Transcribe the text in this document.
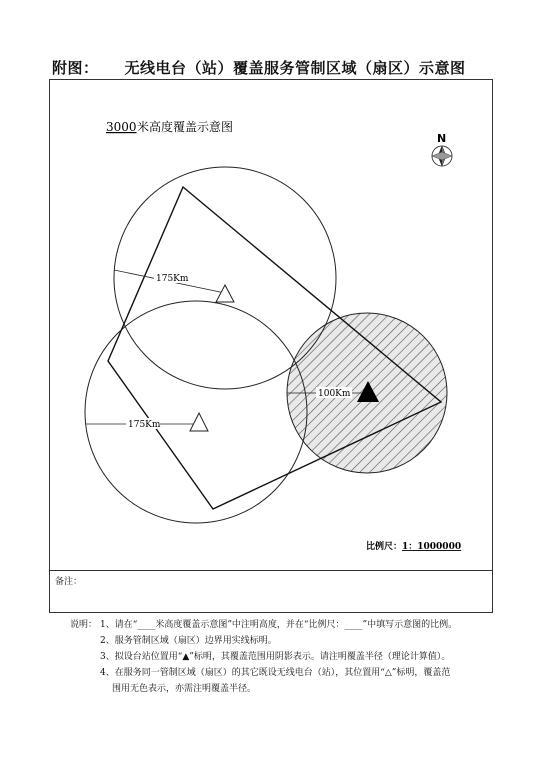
附图： 无线电台（站）覆盖服务管制区域（扇区）示意图
备注：
3000 米高度覆盖示意图
N
175Km
175Km
100Km
比例尺： 1：1000000
说明： 1、请在“____米高度覆盖示意图”中注明高度，并在“比例尺：____”中填写示意图的比例。
2、服务管制区域（扇区）边界用实线标明。
3、拟设台站位置用“▲”标明，其覆盖范围用阴影表示。请注明覆盖半径（理论计算值）。
4、在服务同一管制区域（扇区）的其它既设无线电台（站），其位置用“△”标明，覆盖范
围用无色表示，亦需注明覆盖半径。
